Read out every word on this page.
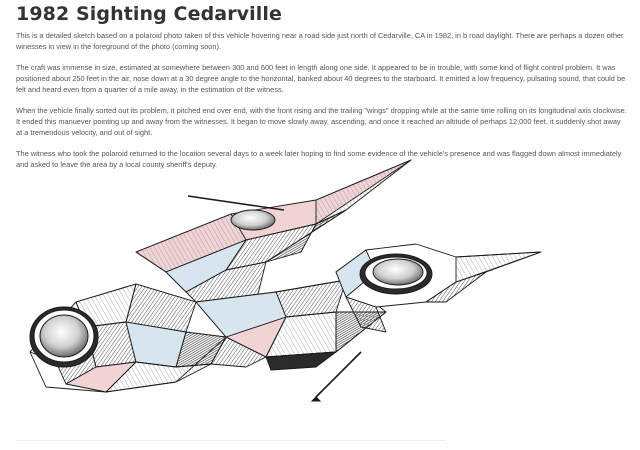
1982 Sighting Cedarville

This is a detailed sketch based on a polaroid photo taken of this vehicle hovering near a road side just north of Cedarville, CA in 1982, in b road daylight. There are perhaps a dozen other winesses in view in the foreground of the photo (coming soon).

The craft was immense in size, estimated at somewhere between 300 and 600 feet in length along one side. It appeared to be in trouble, with some kind of flight control problem. It was positioned about 250 feet in the air, nose down at a 30 degree angle to the horizontal, banked about 40 degrees to the starboard. It emitted a low frequency, pulsating sound, that could be felt and heard even from a quarter of a mile away, in the estimation of the witness.

When the vehicle finally sorted out its problem, it pitched end over end, with the front rising and the trailing "wings" dropping while at the same time rolling on its longitudinal axis clockwise. It ended this manuever pointing up and away from the witnesses. It began to move slowly away, ascending, and once it reached an altitude of perhaps 12,000 feet, it suddenly shot away at a tremendous velocity, and out of sight.

The witness who took the polaroid returned to the location several days to a week later hoping to find some evidence of the vehicle's presence and was flagged down almost immediately and asked to leave the area by a local county sheriff's deputy.
